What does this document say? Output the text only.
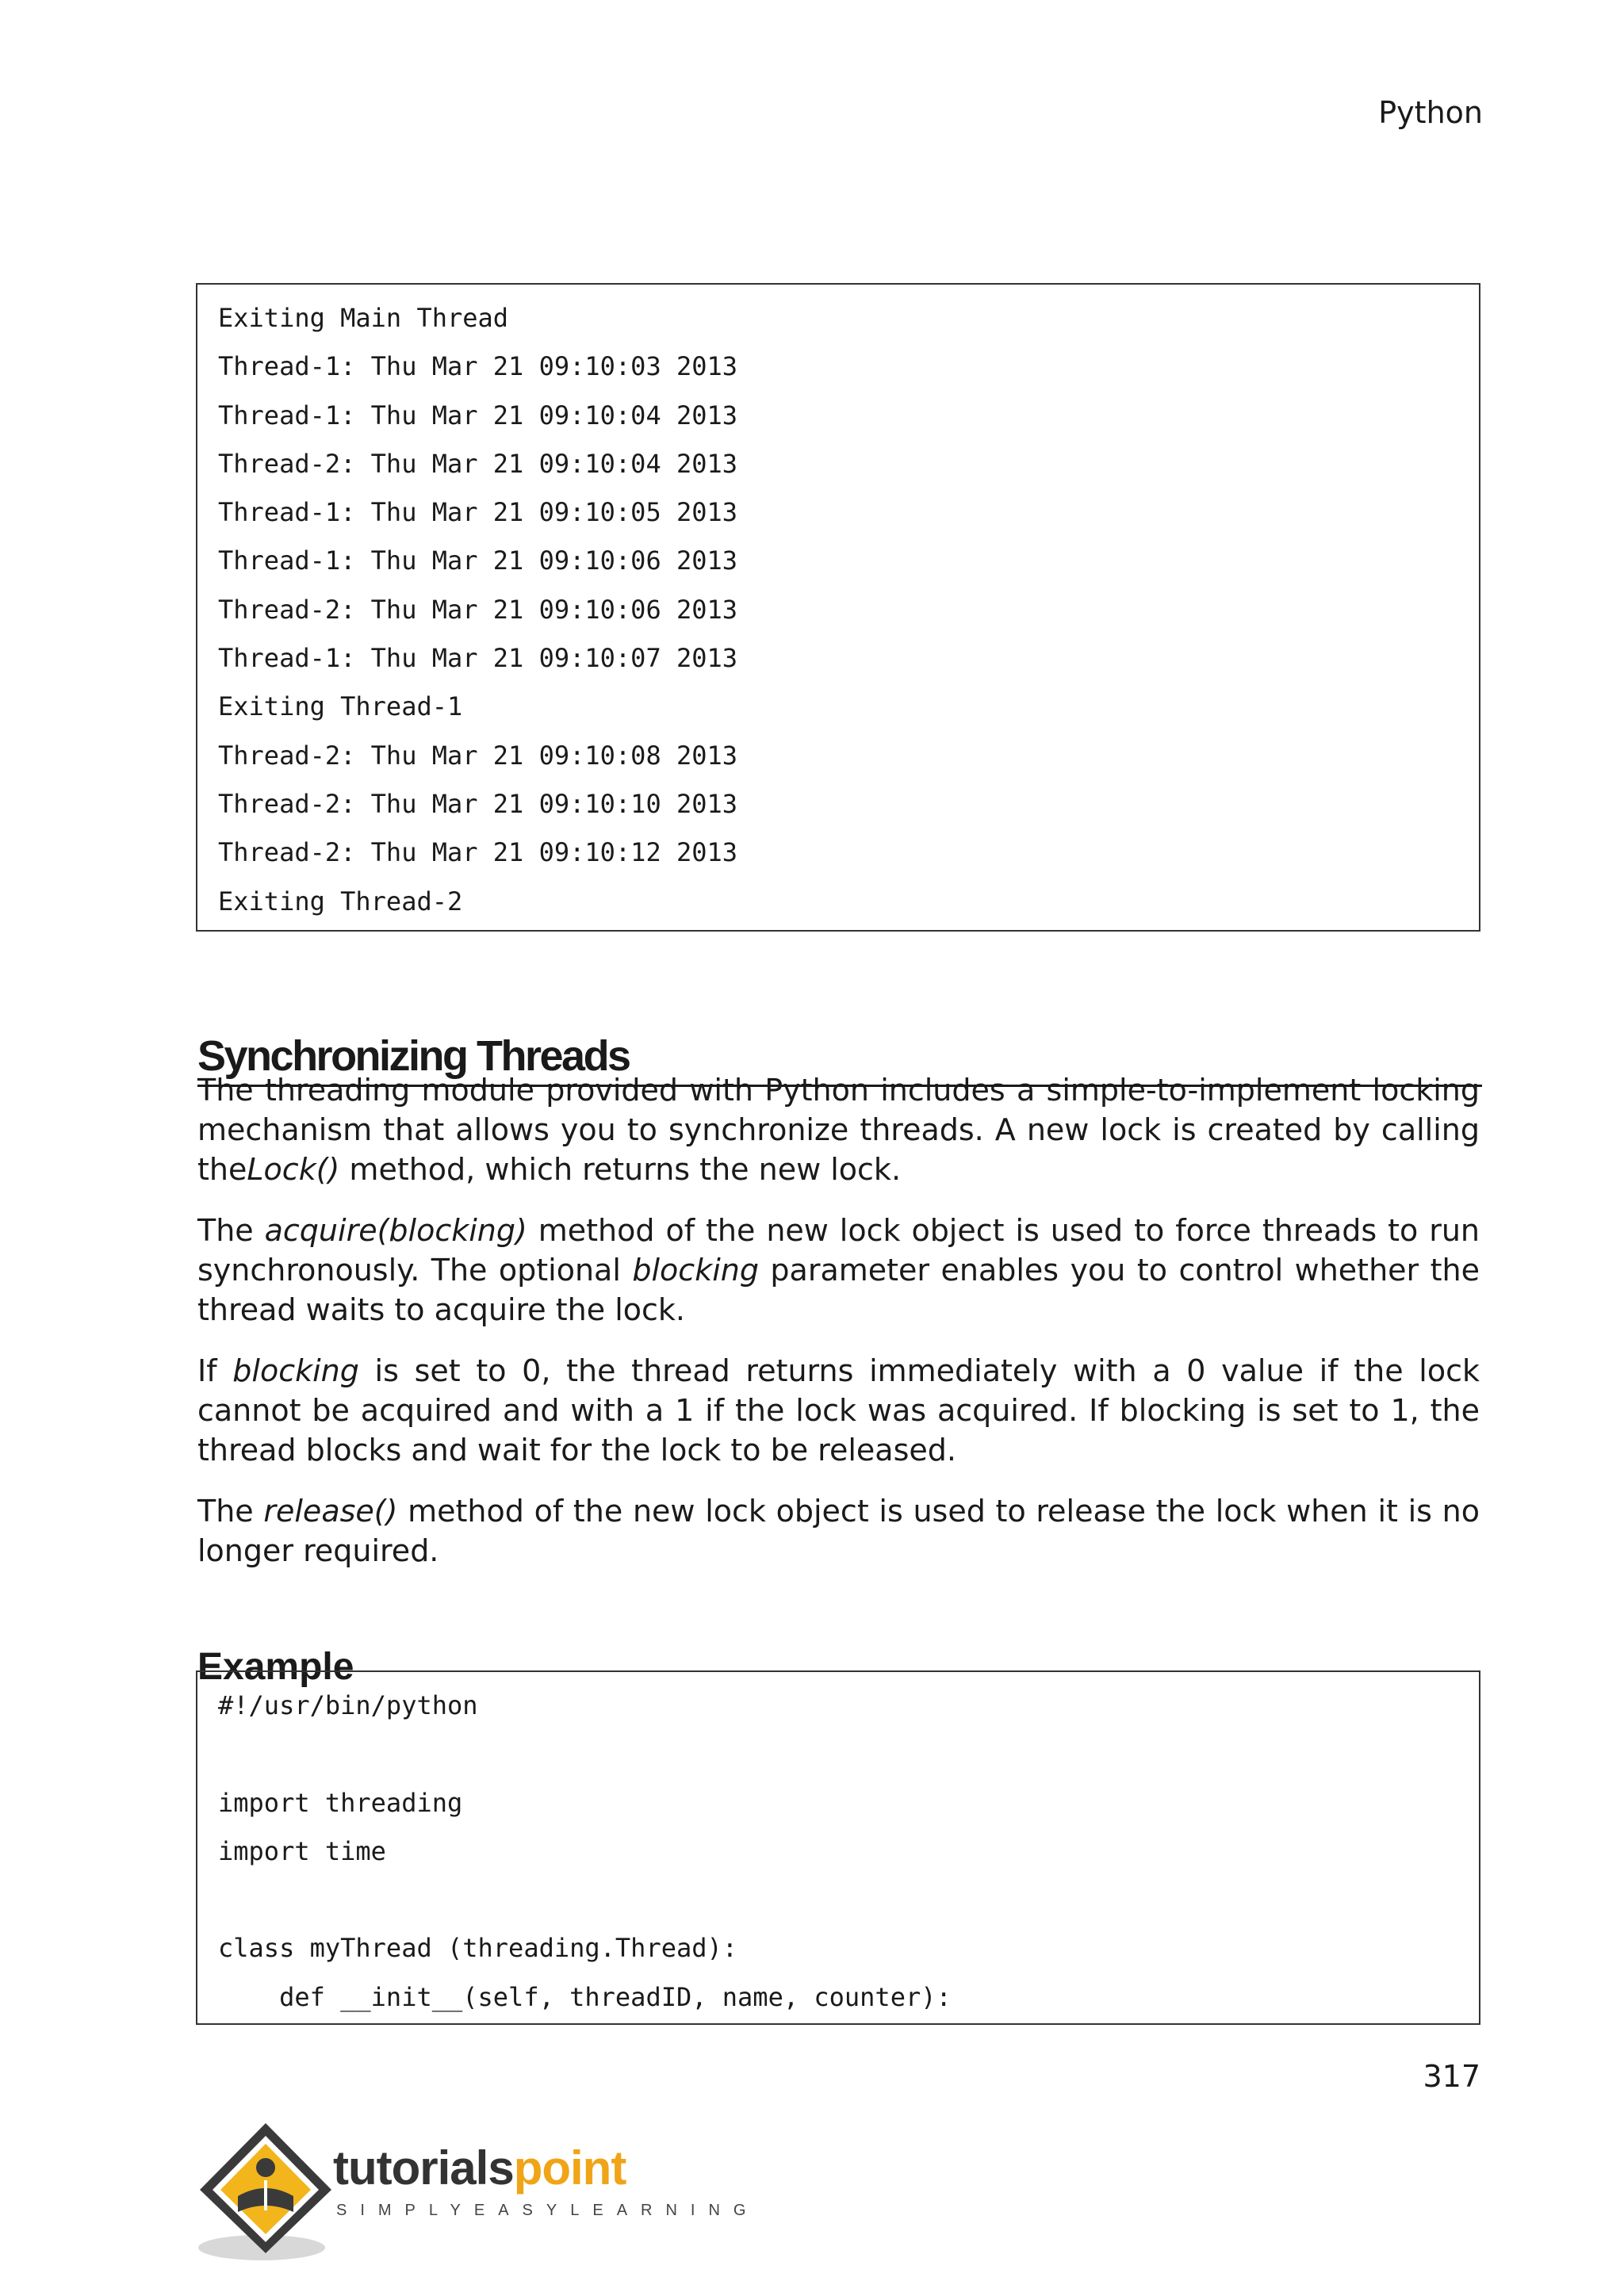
Python
Exiting Main Thread
Thread-1: Thu Mar 21 09:10:03 2013
Thread-1: Thu Mar 21 09:10:04 2013
Thread-2: Thu Mar 21 09:10:04 2013
Thread-1: Thu Mar 21 09:10:05 2013
Thread-1: Thu Mar 21 09:10:06 2013
Thread-2: Thu Mar 21 09:10:06 2013
Thread-1: Thu Mar 21 09:10:07 2013
Exiting Thread-1
Thread-2: Thu Mar 21 09:10:08 2013
Thread-2: Thu Mar 21 09:10:10 2013
Thread-2: Thu Mar 21 09:10:12 2013
Exiting Thread-2
Synchronizing Threads

The threading module provided with Python includes a simple-to-implement locking mechanism that allows you to synchronize threads. A new lock is created by calling theLock() method, which returns the new lock.

The acquire(blocking) method of the new lock object is used to force threads to run synchronously. The optional blocking parameter enables you to control whether the thread waits to acquire the lock.

If blocking is set to 0, the thread returns immediately with a 0 value if the lock cannot be acquired and with a 1 if the lock was acquired. If blocking is set to 1, the thread blocks and wait for the lock to be released.

The release() method of the new lock object is used to release the lock when it is no longer required.

Example
#!/usr/bin/python
import threading
import time
class myThread (threading.Thread):
def __init__(self, threadID, name, counter):
317
tutorialspoint
SIMPLYEASYLEARNING
